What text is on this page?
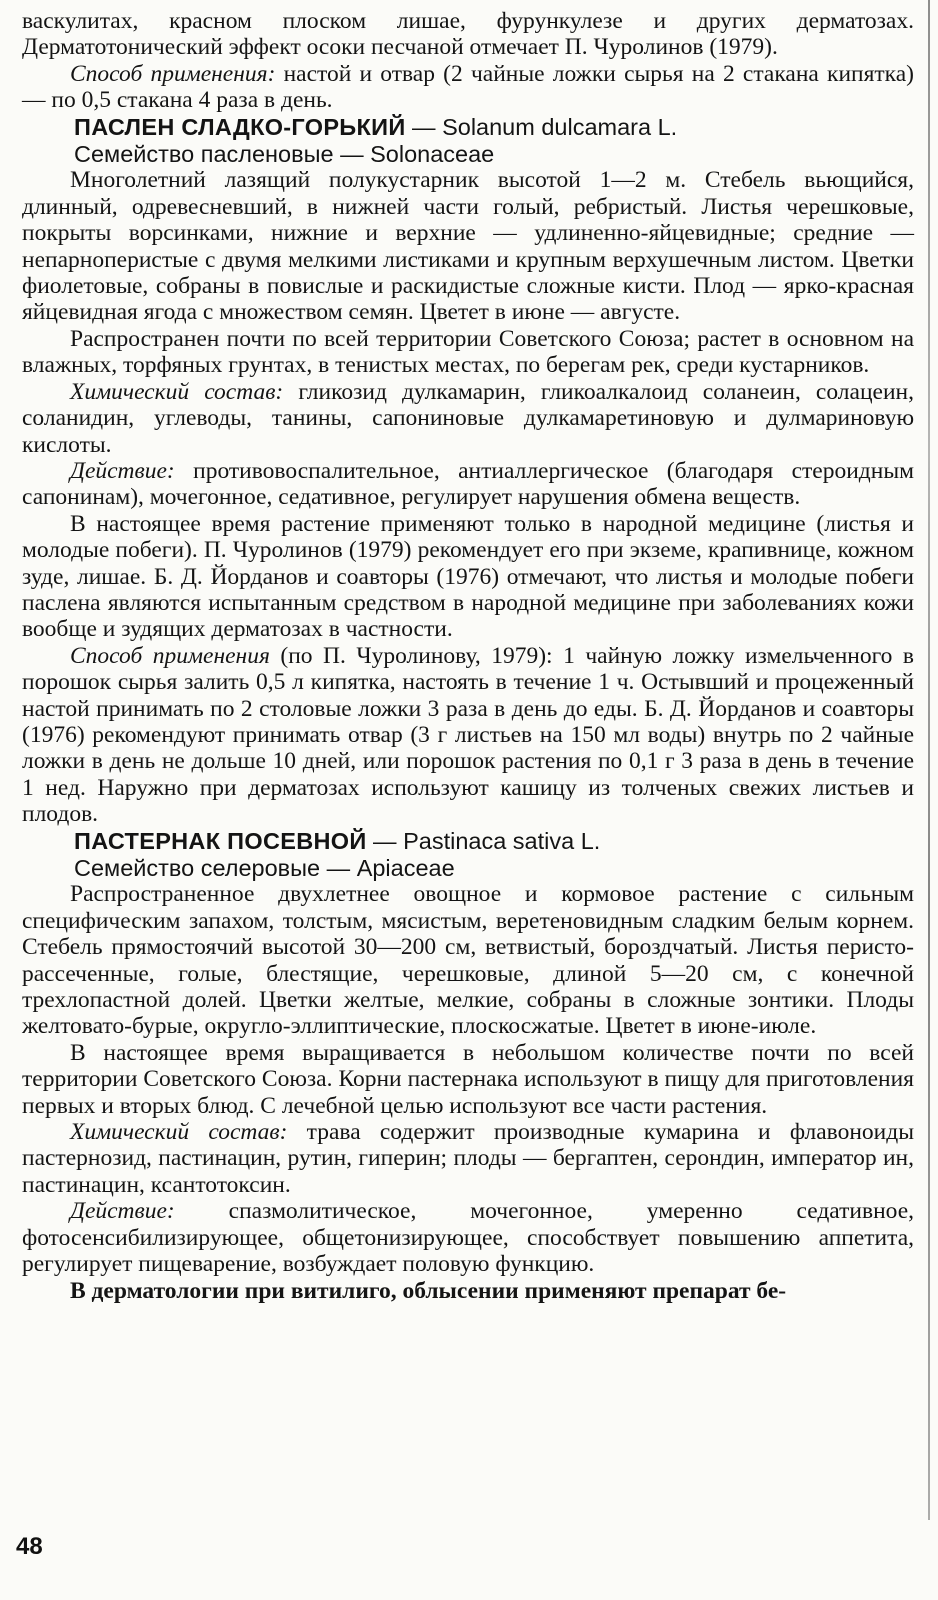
васкулитах, красном плоском лишае, фурункулезе и других дерматозах. Дерматотонический эффект осоки песчаной отмечает П. Чуролинов (1979).

Способ применения: настой и отвар (2 чайные ложки сырья на 2 стакана кипятка) — по 0,5 стакана 4 раза в день.

ПАСЛЕН СЛАДКО-ГОРЬКИЙ — Solanum dulcamara L.

Семейство пасленовые — Solonaceae

Многолетний лазящий полукустарник высотой 1—2 м. Стебель вьющийся, длинный, одревесневший, в нижней части голый, ребристый. Листья черешковые, покрыты ворсинками, нижние и верхние — удлиненно-яйцевидные; средние — непарноперистые с двумя мелкими листиками и крупным верхушечным листом. Цветки фиолетовые, собраны в повислые и раскидистые сложные кисти. Плод — ярко-красная яйцевидная ягода с множеством семян. Цветет в июне — августе.

Распространен почти по всей территории Советского Союза; растет в основном на влажных, торфяных грунтах, в тенистых местах, по берегам рек, среди кустарников.

Химический состав: гликозид дулкамарин, гликоалкалоид соланеин, солацеин, соланидин, углеводы, танины, сапониновые дулкамаретиновую и дулмариновую кислоты.

Действие: противовоспалительное, антиаллергическое (благодаря стероидным сапонинам), мочегонное, седативное, регулирует нарушения обмена веществ.

В настоящее время растение применяют только в народной медицине (листья и молодые побеги). П. Чуролинов (1979) рекомендует его при экземе, крапивнице, кожном зуде, лишае. Б. Д. Йорданов и соавторы (1976) отмечают, что листья и молодые побеги паслена являются испытанным средством в народной медицине при заболеваниях кожи вообще и зудящих дерматозах в частности.

Способ применения (по П. Чуролинову, 1979): 1 чайную ложку измельченного в порошок сырья залить 0,5 л кипятка, настоять в течение 1 ч. Остывший и процеженный настой принимать по 2 столовые ложки 3 раза в день до еды. Б. Д. Йорданов и соавторы (1976) рекомендуют принимать отвар (3 г листьев на 150 мл воды) внутрь по 2 чайные ложки в день не дольше 10 дней, или порошок растения по 0,1 г 3 раза в день в течение 1 нед. Наружно при дерматозах используют кашицу из толченых свежих листьев и плодов.

ПАСТЕРНАК ПОСЕВНОЙ — Pastinaca sativa L.

Семейство селеровые — Apiaceae

Распространенное двухлетнее овощное и кормовое растение с сильным специфическим запахом, толстым, мясистым, веретеновидным сладким белым корнем. Стебель прямостоячий высотой 30—200 см, ветвистый, бороздчатый. Листья перисто-рассеченные, голые, блестящие, черешковые, длиной 5—20 см, с конечной трехлопастной долей. Цветки желтые, мелкие, собраны в сложные зонтики. Плоды желтовато-бурые, округло-эллиптические, плоскосжатые. Цветет в июне-июле.

В настоящее время выращивается в небольшом количестве почти по всей территории Советского Союза. Корни пастернака используют в пищу для приготовления первых и вторых блюд. С лечебной целью используют все части растения.

Химический состав: трава содержит производные кумарина и флавоноиды пастернозид, пастинацин, рутин, гиперин; плоды — бергаптен, серондин, император ин, пастинацин, ксантотоксин.

Действие: спазмолитическое, мочегонное, умеренно седативное, фотосенсибилизирующее, общетонизирующее, способствует повышению аппетита, регулирует пищеварение, возбуждает половую функцию.

В дерматологии при витилиго, облысении применяют препарат бе-

48
